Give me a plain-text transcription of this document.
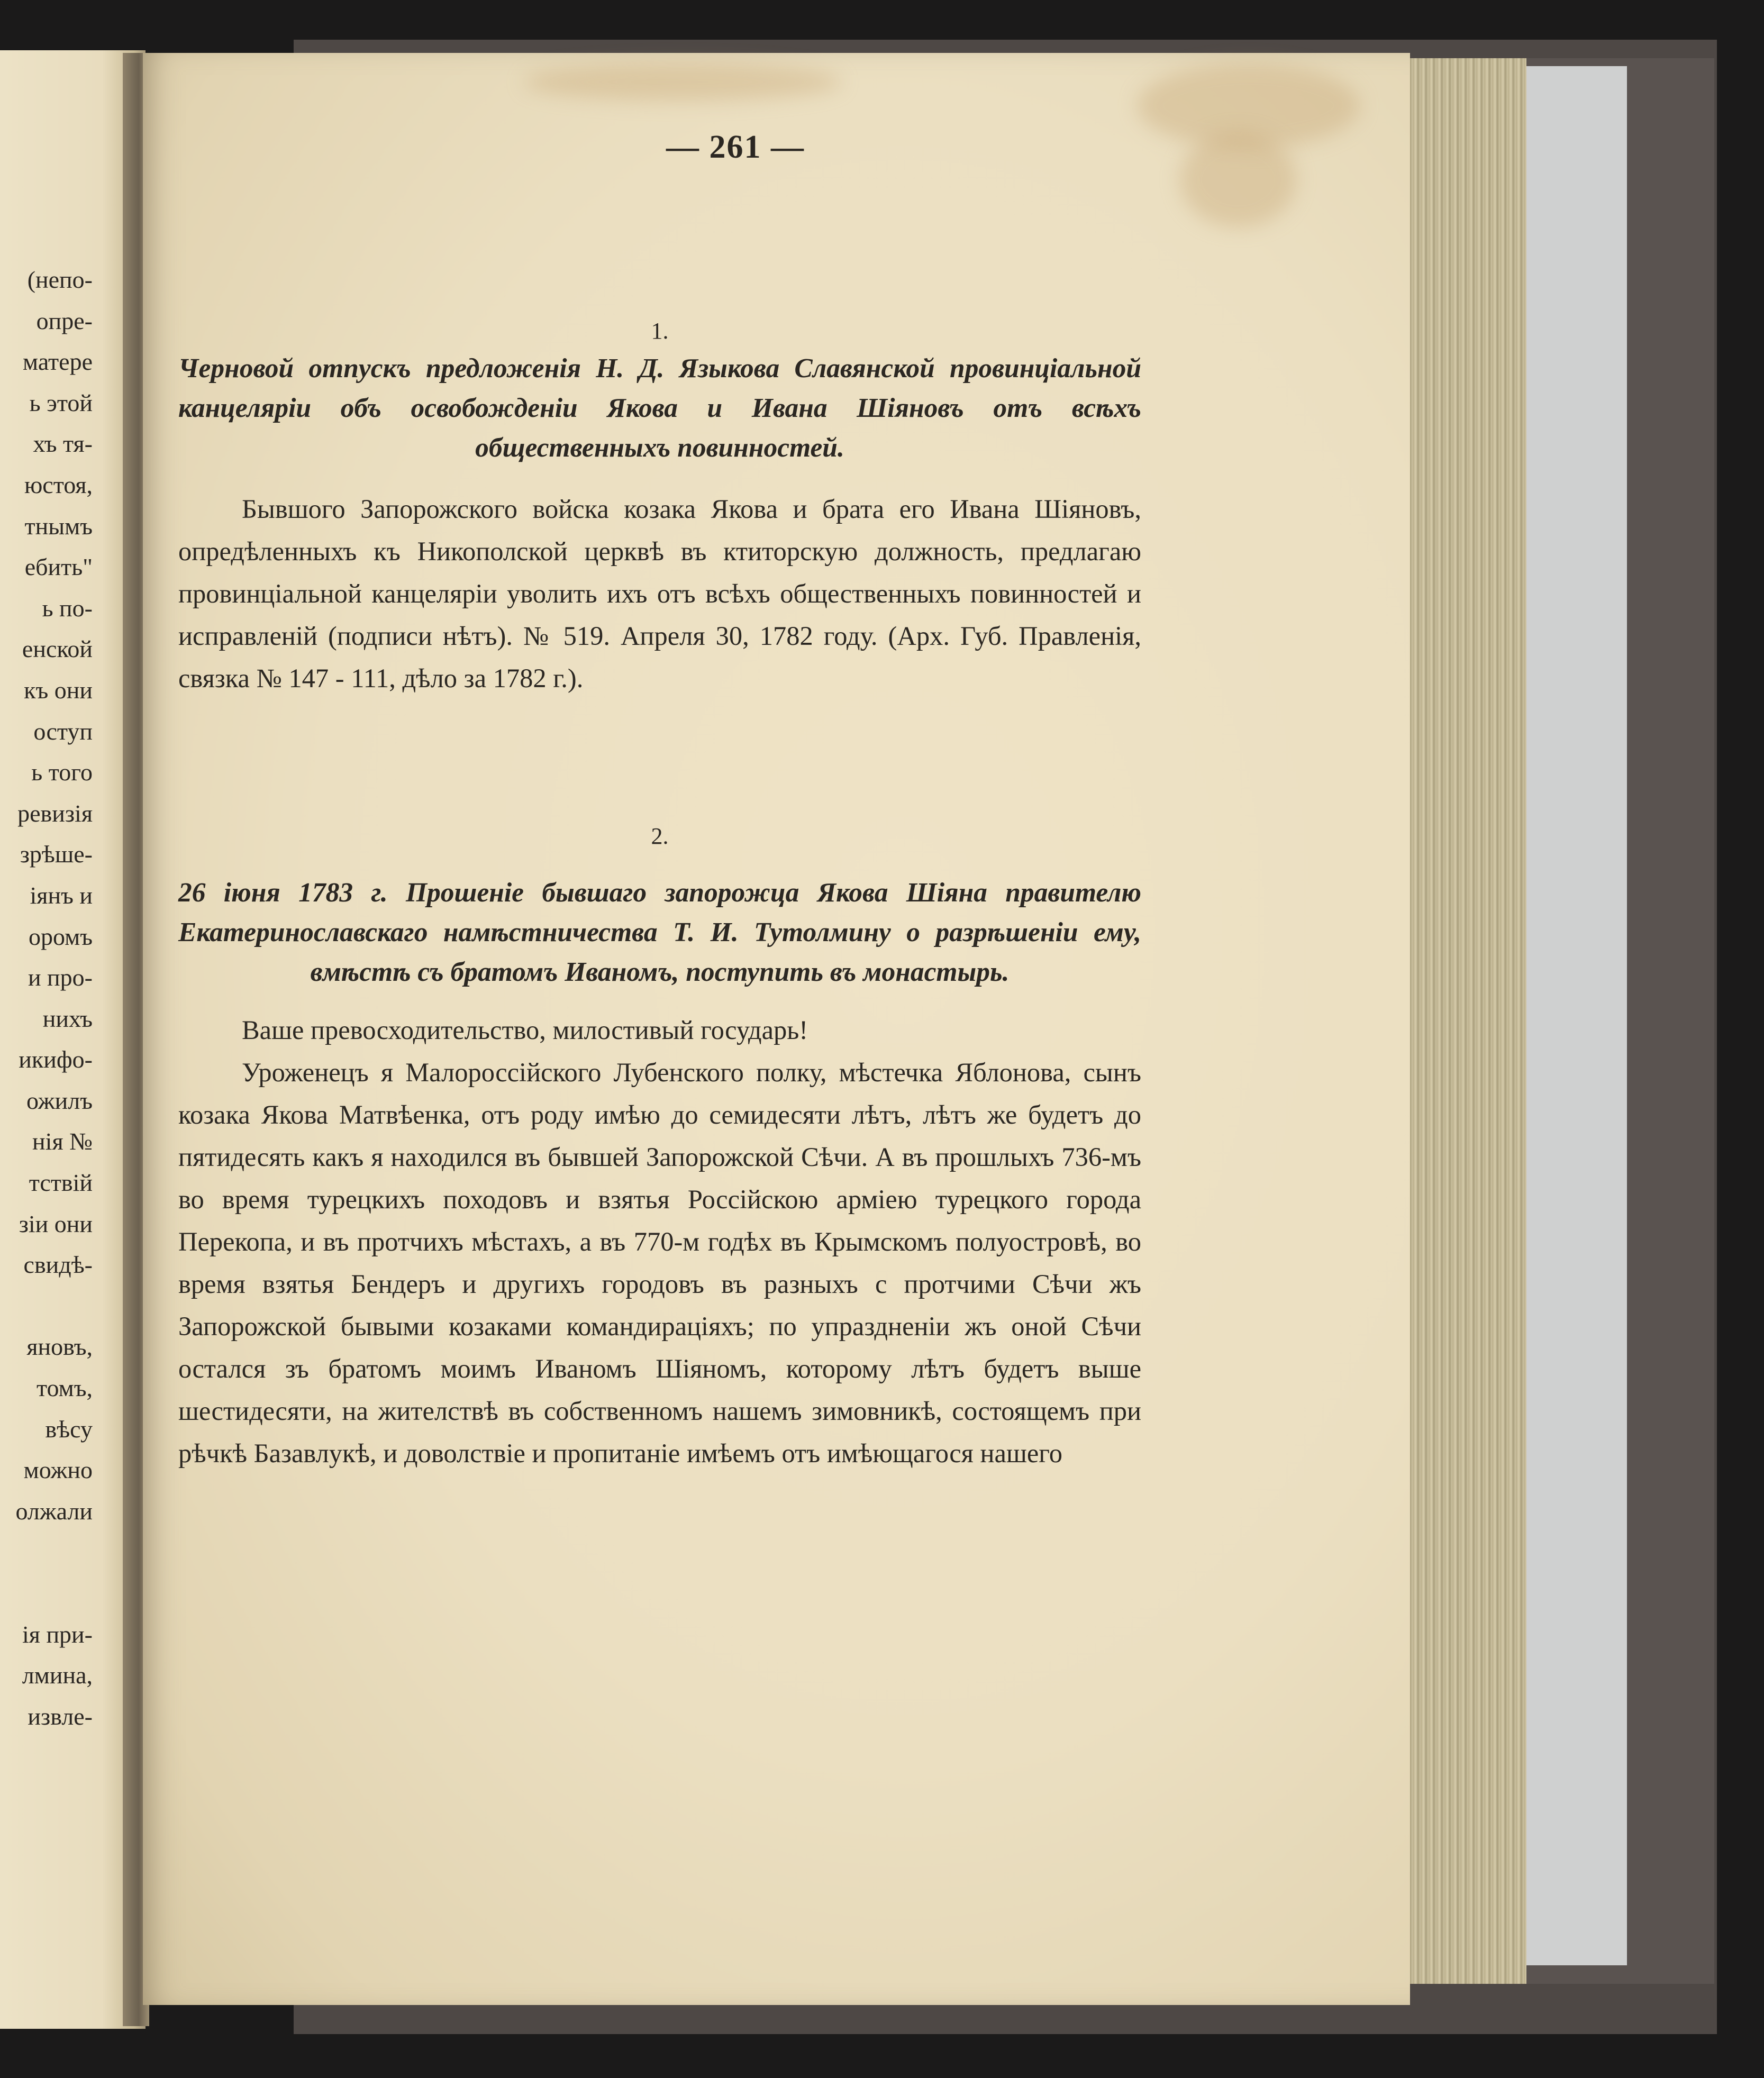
(непо-
опре-
матере
ь этой
хъ тя-
юстоя,
тнымъ
ебить"
ь по-
енской
къ они
оступ
ь того
ревизія
зрѣше-
іянъ и
оромъ
и про-
нихъ
икифо-
ожилъ
нія №
тствій
зіи они
свидѣ-

яновъ,
томъ,
вѣсу
можно
олжали

ія при-
лмина,
извле-
— 261 —
1.
Черновой отпускъ предложенія Н. Д. Языкова Славянской провинціальной канцеляріи объ освобожденіи Якова и Ивана Шіяновъ отъ всѣхъ общественныхъ повинностей.

Бывшого Запорожского войска козака Якова и брата его Ивана Шіяновъ, опредѣленныхъ къ Никополской церквѣ въ ктиторскую должность, предлагаю провинціальной канцеляріи уволить ихъ отъ всѣхъ общественныхъ повинностей и исправленій (подписи нѣтъ). № 519. Апреля 30, 1782 году. (Арх. Губ. Правленія, связка № 147 - 111, дѣло за 1782 г.).

2.
26 іюня 1783 г. Прошеніе бывшаго запорожца Якова Шіяна правителю Екатеринославскаго намѣстничества Т. И. Тутолмину о разрѣшеніи ему, вмѣстѣ съ братомъ Иваномъ, поступить въ монастырь.

Ваше превосходительство, милостивый государь!

Уроженецъ я Малороссійского Лубенского полку, мѣстечка Яблонова, сынъ козака Якова Матвѣенка, отъ роду имѣю до семидесяти лѣтъ, лѣтъ же будетъ до пятидесять какъ я находился въ бывшей Запорожской Сѣчи. А въ прошлыхъ 736-мъ во время турецкихъ походовъ и взятья Россійскою арміею турецкого города Перекопа, и въ протчихъ мѣстахъ, а въ 770-м годѣх въ Крымскомъ полуостровѣ, во время взятья Бендеръ и другихъ городовъ въ разныхъ с протчими Сѣчи жъ Запорожской бывыми козаками командираціяхъ; по упраздненіи жъ оной Сѣчи остался зъ братомъ моимъ Иваномъ Шіяномъ, которому лѣтъ будетъ выше шестидесяти, на жителствѣ въ собственномъ нашемъ зимовникѣ, состоящемъ при рѣчкѣ Базавлукѣ, и доволствіе и пропитаніе имѣемъ отъ имѣющагося нашего
